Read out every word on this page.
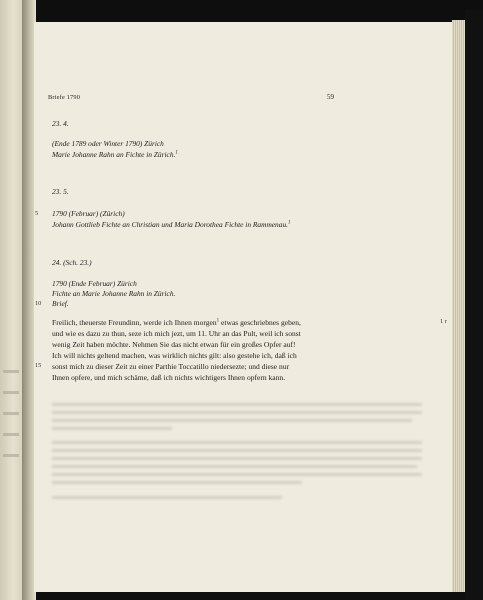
Briefe 1790	59
23. 4.
(Ende 1789 oder Winter 1790) Zürich
Marie Johanne Rahn an Fichte in Zürich.$^1$
23. 5.
5 1790 (Februar) (Zürich)
Johann Gottlieb Fichte an Christian und Maria Dorothea Fichte in Rammenau.$^1$
24. (Sch. 23.)
1790 (Ende Februar) Zürich
Fichte an Marie Johanne Rahn in Zürich.
10 Brief.
Freilich, theuerste Freundinn, werde ich Ihnen morgen$^1$ etwas geschriebnes geben,	1 r
und wie es dazu zu thun, seze ich mich jezt, um 11. Uhr an das Pult, weil ich sonst
wenig Zeit haben möchte. Nehmen Sie das nicht etwan für ein großes Opfer auf!
Ich will nichts geltend machen, was wirklich nichts gilt: also gestehe ich, daß ich
15 sonst mich zu dieser Zeit zu einer Parthie Toccatillo niedersezte; und diese nur
Ihnen opfere, und mich schäme, daß ich nichts wichtigers Ihnen opfern kann.
